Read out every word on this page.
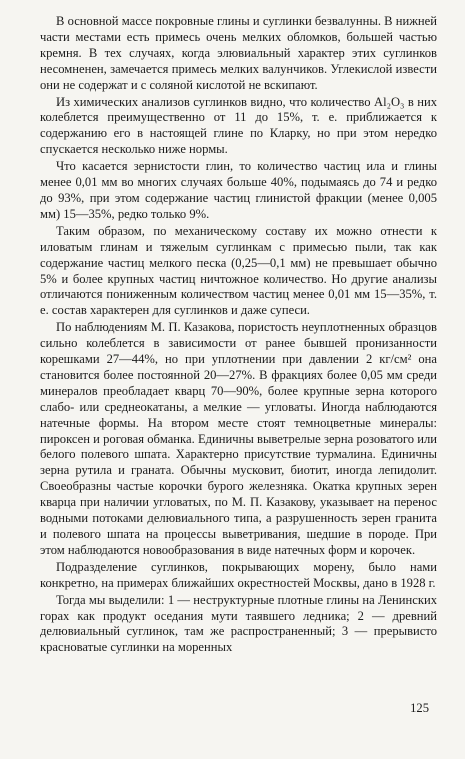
В основной массе покровные глины и суглинки безвалунны. В нижней части местами есть примесь очень мелких обломков, большей частью кремня. В тех случаях, когда элювиальный характер этих суглинков несомненен, замечается примесь мелких валунчиков. Углекислой извести они не содержат и с соляной кислотой не вскипают.

Из химических анализов суглинков видно, что количество Al₂O₃ в них колеблется преимущественно от 11 до 15%, т. е. приближается к содержанию его в настоящей глине по Кларку, но при этом нередко спускается несколько ниже нормы.

Что касается зернистости глин, то количество частиц ила и глины менее 0,01 мм во многих случаях больше 40%, подымаясь до 74 и редко до 93%, при этом содержание частиц глинистой фракции (менее 0,005 мм) 15—35%, редко только 9%.

Таким образом, по механическому составу их можно отнести к иловатым глинам и тяжелым суглинкам с примесью пыли, так как содержание частиц мелкого песка (0,25—0,1 мм) не превышает обычно 5% и более крупных частиц ничтожное количество. Но другие анализы отличаются пониженным количеством частиц менее 0,01 мм 15—35%, т. е. состав характерен для суглинков и даже супеси.

По наблюдениям М. П. Казакова, пористость неуплотненных образцов сильно колеблется в зависимости от ранее бывшей пронизанности корешками 27—44%, но при уплотнении при давлении 2 кг/см² она становится более постоянной 20—27%. В фракциях более 0,05 мм среди минералов преобладает кварц 70—90%, более крупные зерна которого слабо- или среднеокатаны, а мелкие — угловаты. Иногда наблюдаются натечные формы. На втором месте стоят темноцветные минералы: пироксен и роговая обманка. Единичны выветрелые зерна розоватого или белого полевого шпата. Характерно присутствие турмалина. Единичны зерна рутила и граната. Обычны мусковит, биотит, иногда лепидолит. Своеобразны частые корочки бурого железняка. Окатка крупных зерен кварца при наличии угловатых, по М. П. Казакову, указывает на перенос водными потоками делювиального типа, а разрушенность зерен гранита и полевого шпата на процессы выветривания, шедшие в породе. При этом наблюдаются новообразования в виде натечных форм и корочек.

Подразделение суглинков, покрывающих морену, было нами конкретно, на примерах ближайших окрестностей Москвы, дано в 1928 г.

Тогда мы выделили: 1 — неструктурные плотные глины на Ленинских горах как продукт оседания мути таявшего ледника; 2 — древний делювиальный суглинок, там же распространенный; 3 — прерывисто красноватые суглинки на моренных

125
